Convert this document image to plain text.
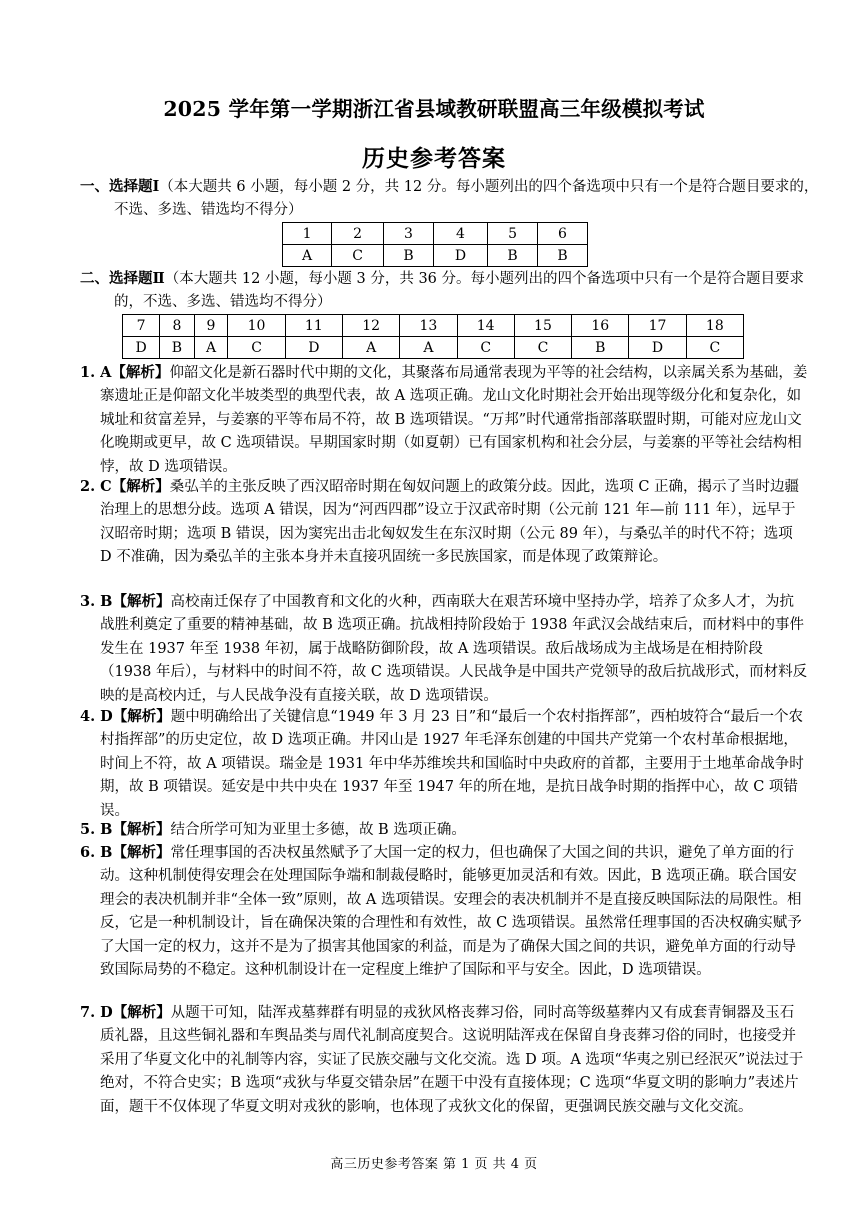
2025 学年第一学期浙江省县域教研联盟高三年级模拟考试
历史参考答案
一、选择题Ⅰ（本大题共 6 小题，每小题 2 分，共 12 分。每小题列出的四个备选项中只有一个是符合题目要求的，不选、多选、错选均不得分）
1	2	3	4	5	6
A	C	B	D	B	B
二、选择题Ⅱ（本大题共 12 小题，每小题 3 分，共 36 分。每小题列出的四个备选项中只有一个是符合题目要求的，不选、多选、错选均不得分）
7	8	9	10	11	12	13	14	15	16	17	18
D	B	A	C	D	A	A	C	C	B	D	C
1. A【解析】仰韶文化是新石器时代中期的文化，其聚落布局通常表现为平等的社会结构，以亲属关系为基础，姜寨遗址正是仰韶文化半坡类型的典型代表，故 A 选项正确。龙山文化时期社会开始出现等级分化和复杂化，如城址和贫富差异，与姜寨的平等布局不符，故 B 选项错误。“万邦”时代通常指部落联盟时期，可能对应龙山文化晚期或更早，故 C 选项错误。早期国家时期（如夏朝）已有国家机构和社会分层，与姜寨的平等社会结构相悖，故 D 选项错误。
2. C【解析】桑弘羊的主张反映了西汉昭帝时期在匈奴问题上的政策分歧。因此，选项 C 正确，揭示了当时边疆治理上的思想分歧。选项 A 错误，因为“河西四郡”设立于汉武帝时期（公元前 121 年—前 111 年），远早于汉昭帝时期；选项 B 错误，因为窦宪出击北匈奴发生在东汉时期（公元 89 年），与桑弘羊的时代不符；选项 D 不准确，因为桑弘羊的主张本身并未直接巩固统一多民族国家，而是体现了政策辩论。
3. B【解析】高校南迁保存了中国教育和文化的火种，西南联大在艰苦环境中坚持办学，培养了众多人才，为抗战胜利奠定了重要的精神基础，故 B 选项正确。抗战相持阶段始于 1938 年武汉会战结束后，而材料中的事件发生在 1937 年至 1938 年初，属于战略防御阶段，故 A 选项错误。敌后战场成为主战场是在相持阶段（1938 年后），与材料中的时间不符，故 C 选项错误。人民战争是中国共产党领导的敌后抗战形式，而材料反映的是高校内迁，与人民战争没有直接关联，故 D 选项错误。
4. D【解析】题中明确给出了关键信息“1949 年 3 月 23 日”和“最后一个农村指挥部”，西柏坡符合“最后一个农村指挥部”的历史定位，故 D 选项正确。井冈山是 1927 年毛泽东创建的中国共产党第一个农村革命根据地，时间上不符，故 A 项错误。瑞金是 1931 年中华苏维埃共和国临时中央政府的首都，主要用于土地革命战争时期，故 B 项错误。延安是中共中央在 1937 年至 1947 年的所在地，是抗日战争时期的指挥中心，故 C 项错误。
5. B【解析】结合所学可知为亚里士多德，故 B 选项正确。
6. B【解析】常任理事国的否决权虽然赋予了大国一定的权力，但也确保了大国之间的共识，避免了单方面的行动。这种机制使得安理会在处理国际争端和制裁侵略时，能够更加灵活和有效。因此，B 选项正确。联合国安理会的表决机制并非“全体一致”原则，故 A 选项错误。安理会的表决机制并不是直接反映国际法的局限性。相反，它是一种机制设计，旨在确保决策的合理性和有效性，故 C 选项错误。虽然常任理事国的否决权确实赋予了大国一定的权力，这并不是为了损害其他国家的利益，而是为了确保大国之间的共识，避免单方面的行动导致国际局势的不稳定。这种机制设计在一定程度上维护了国际和平与安全。因此，D 选项错误。
7. D【解析】从题干可知，陆浑戎墓葬群有明显的戎狄风格丧葬习俗，同时高等级墓葬内又有成套青铜器及玉石质礼器，且这些铜礼器和车舆品类与周代礼制高度契合。这说明陆浑戎在保留自身丧葬习俗的同时，也接受并采用了华夏文化中的礼制等内容，实证了民族交融与文化交流。选 D 项。A 选项“华夷之别已经泯灭”说法过于绝对，不符合史实；B 选项“戎狄与华夏交错杂居”在题干中没有直接体现；C 选项“华夏文明的影响力”表述片面，题干不仅体现了华夏文明对戎狄的影响，也体现了戎狄文化的保留，更强调民族交融与文化交流。
高三历史参考答案 第 1 页 共 4 页
